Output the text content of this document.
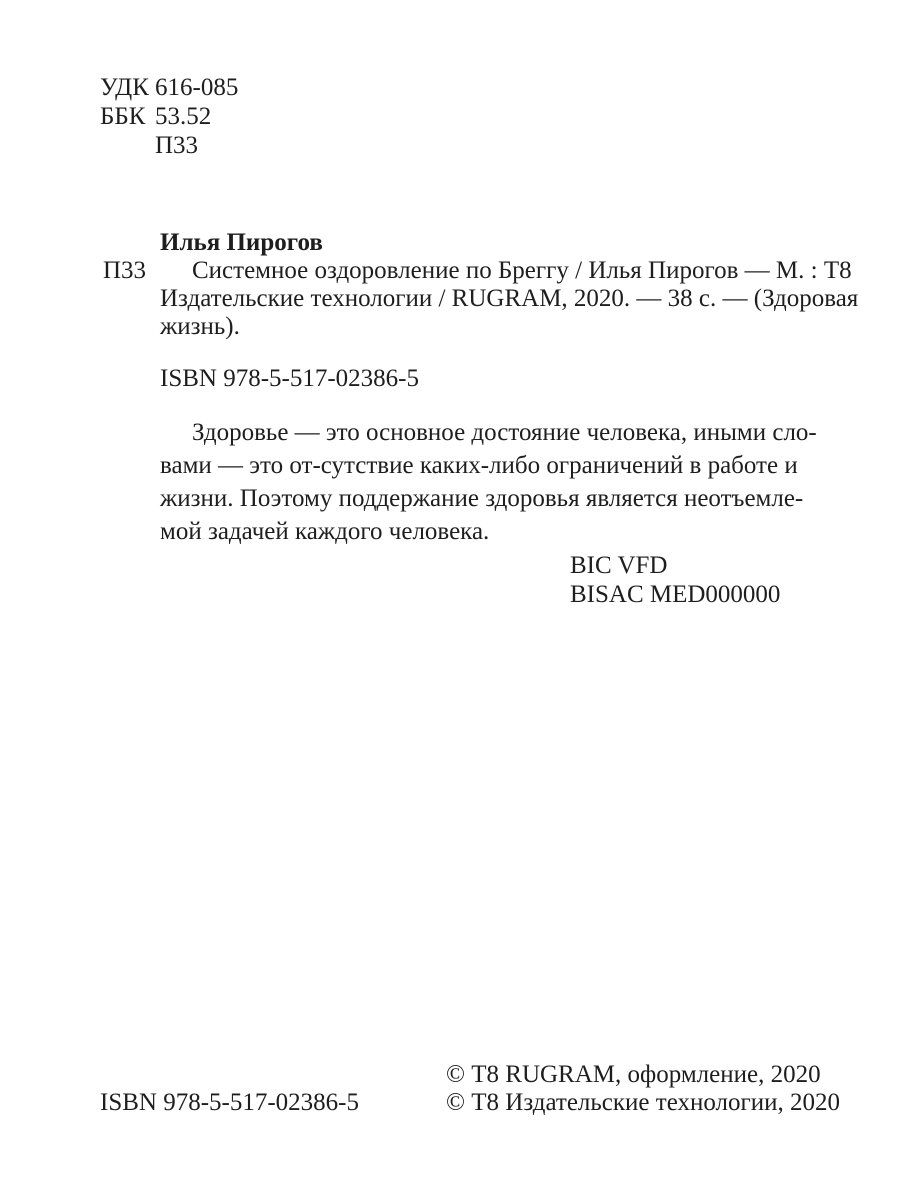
УДК 616-085
ББК 53.52
П33
П33
Илья Пирогов
Системное оздоровление по Бреггу / Илья Пирогов — М. : Т8
Издательские технологии / RUGRAM, 2020. — 38 с. — (Здоровая
жизнь).
ISBN 978-5-517-02386-5
Здоровье — это основное достояние человека, иными сло-
вами — это от-сутствие каких-либо ограничений в работе и
жизни. Поэтому поддержание здоровья является неотъемле-
мой задачей каждого человека.
BIC VFD
BISAC MED000000
ISBN 978-5-517-02386-5
© Т8 RUGRAM, оформление, 2020
© Т8 Издательские технологии, 2020
